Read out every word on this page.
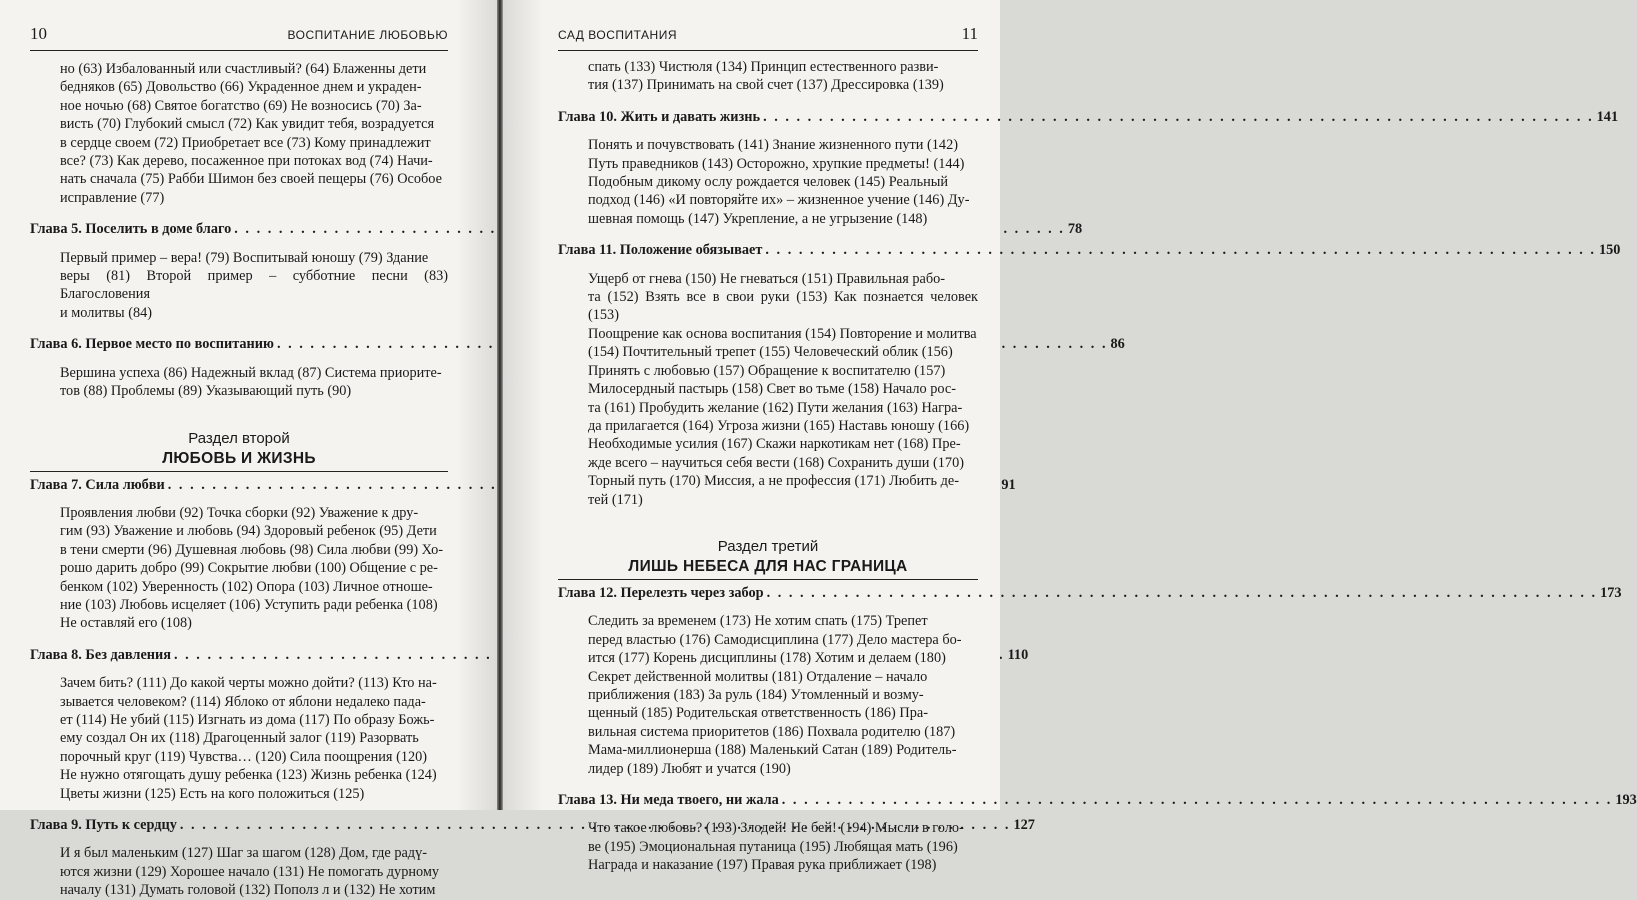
10	ВОСПИТАНИЕ ЛЮБОВЬЮ
но (63) Избалованный или счастливый? (64) Блаженны дети
бедняков (65) Довольство (66) Украденное днем и украден-
ное ночью (68) Святое богатство (69) Не возносись (70) За-
висть (70) Глубокий смысл (72) Как увидит тебя, возрадуется
в сердце своем (72) Приобретает все (73) Кому принадлежит
все? (73) Как дерево, посаженное при потоках вод (74) Начи-
нать сначала (75) Рабби Шимон без своей пещеры (76) Особое
исправление (77)
Глава 5. Поселить в доме благо . . .	78
Первый пример – вера! (79) Воспитывай юношу (79) Здание
веры (81) Второй пример – субботние песни (83) Благословения
и молитвы (84)
Глава 6. Первое место по воспитанию . . .	86
Вершина успеха (86) Надежный вклад (87) Система приорите-
тов (88) Проблемы (89) Указывающий путь (90)
Раздел второй
ЛЮБОВЬ И ЖИЗНЬ
Глава 7. Сила любви . . .	91
Проявления любви (92) Точка сборки (92) Уважение к дру-
гим (93) Уважение и любовь (94) Здоровый ребенок (95) Дети
в тени смерти (96) Душевная любовь (98) Сила любви (99) Хо-
рошо дарить добро (99) Сокрытие любви (100) Общение с ре-
бенком (102) Уверенность (102) Опора (103) Личное отноше-
ние (103) Любовь исцеляет (106) Уступить ради ребенка (108)
Не оставляй его (108)
Глава 8. Без давления . . .	110
Зачем бить? (111) До какой черты можно дойти? (113) Кто на-
зывается человеком? (114) Яблоко от яблони недалеко пада-
ет (114) Не убий (115) Изгнать из дома (117) По образу Божь-
ему создал Он их (118) Драгоценный залог (119) Разорвать
порочный круг (119) Чувства… (120) Сила поощрения (120)
Не нужно отягощать душу ребенка (123) Жизнь ребенка (124)
Цветы жизни (125) Есть на кого положиться (125)
Глава 9. Путь к сердцу . . .	127
И я был маленьким (127) Шаг за шагом (128) Дом, где радү-
ются жизни (129) Хорошее начало (131) Не помогать дурному
началу (131) Думать головой (132) Пополз л и (132) Не хотим
САД ВОСПИТАНИЯ	11
спать (133) Чистюля (134) Принцип естественного разви-
тия (137) Принимать на свой счет (137) Дрессировка (139)
Глава 10. Жить и давать жизнь . . .	141
Понять и почувствовать (141) Знание жизненного пути (142)
Путь праведников (143) Осторожно, хрупкие предметы! (144)
Подобным дикому ослу рождается человек (145) Реальный
подход (146) «И повторяйте их» – жизненное учение (146) Ду-
шевная помощь (147) Укрепление, а не угрызение (148)
Глава 11. Положение обязывает . . .	150
Ущерб от гнева (150) Не гневаться (151) Правильная рабо-
та (152) Взять все в свои руки (153) Как познается человек (153)
Поощрение как основа воспитания (154) Повторение и молитва
(154) Почтительный трепет (155) Человеческий облик (156)
Принять с любовью (157) Обращение к воспитателю (157)
Милосердный пастырь (158) Свет во тьме (158) Начало рос-
та (161) Пробудить желание (162) Пути желания (163) Награ-
да прилагается (164) Угроза жизни (165) Наставь юношу (166)
Необходимые усилия (167) Скажи наркотикам нет (168) Пре-
жде всего – научиться себя вести (168) Сохранить души (170)
Торный путь (170) Миссия, а не профессия (171) Любить де-
тей (171)
Раздел третий
ЛИШЬ НЕБЕСА ДЛЯ НАС ГРАНИЦА
Глава 12. Перелезть через забор . . .	173
Следить за временем (173) Не хотим спать (175) Трепет
перед властью (176) Самодисциплина (177) Дело мастера бо-
ится (177) Корень дисциплины (178) Хотим и делаем (180)
Секрет действенной молитвы (181) Отдаление – начало
приближения (183) За руль (184) Утомленный и возму-
щенный (185) Родительская ответственность (186) Пра-
вильная система приоритетов (186) Похвала родителю (187)
Мама-миллионерша (188) Маленький Сатан (189) Родитель-
лидер (189) Любят и учатся (190)
Глава 13. Ни меда твоего, ни жала . . .	193
Что такое любовь? (193) Злодей! Не бей! (194) Мысли в голо-
ве (195) Эмоциональная путаница (195) Любящая мать (196)
Награда и наказание (197) Правая рука приближает (198)
